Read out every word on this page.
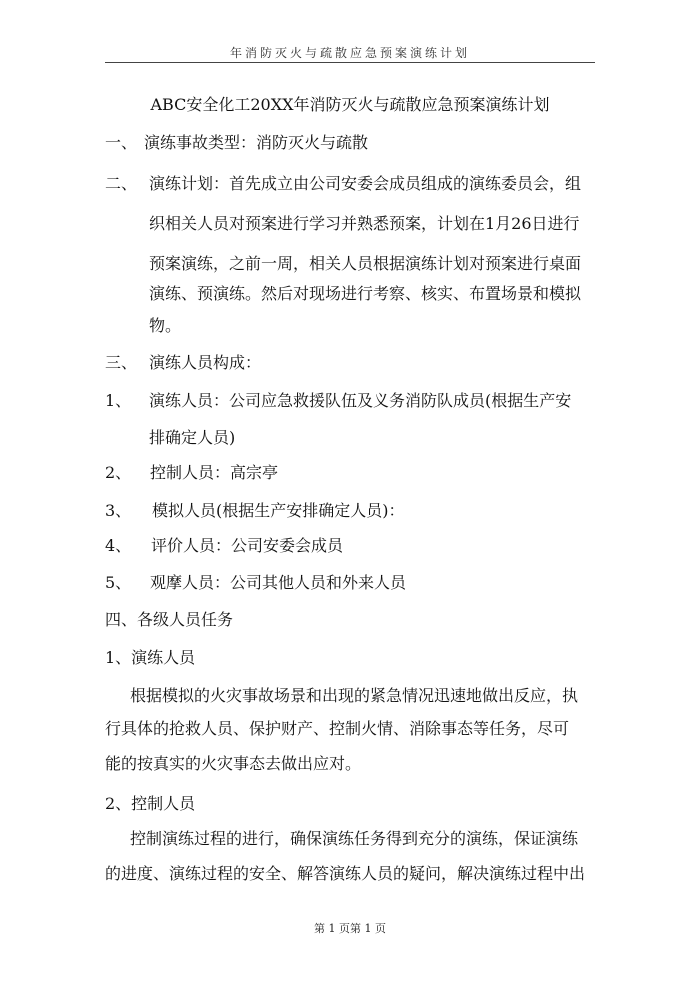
年消防灭火与疏散应急预案演练计划
ABC安全化工20XX年消防灭火与疏散应急预案演练计划
一、 演练事故类型：消防灭火与疏散
二、 演练计划：首先成立由公司安委会成员组成的演练委员会，组
织相关人员对预案进行学习并熟悉预案，计划在1月26日进行
预案演练，之前一周，相关人员根据演练计划对预案进行桌面
演练、预演练。然后对现场进行考察、核实、布置场景和模拟
物。
三、 演练人员构成：
1、 演练人员：公司应急救援队伍及义务消防队成员(根据生产安
排确定人员)
2、 控制人员：高宗亭
3、 模拟人员(根据生产安排确定人员)：
4、 评价人员：公司安委会成员
5、 观摩人员：公司其他人员和外来人员
四、各级人员任务
1、演练人员
根据模拟的火灾事故场景和出现的紧急情况迅速地做出反应，执
行具体的抢救人员、保护财产、控制火情、消除事态等任务，尽可
能的按真实的火灾事态去做出应对。
2、控制人员
控制演练过程的进行，确保演练任务得到充分的演练，保证演练
的进度、演练过程的安全、解答演练人员的疑问，解决演练过程中出
第 1 页第 1 页
